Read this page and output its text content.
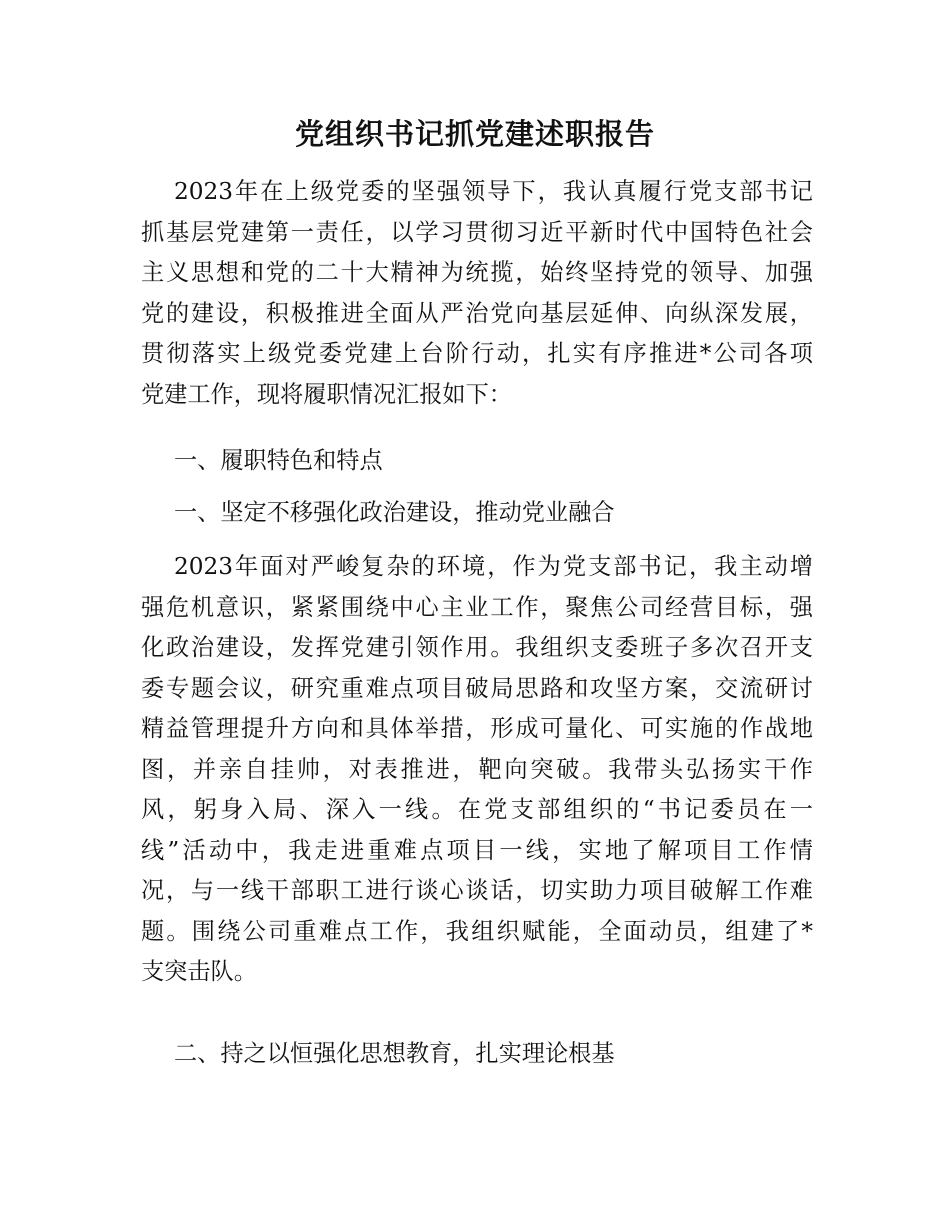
党组织书记抓党建述职报告
2023年在上级党委的坚强领导下，我认真履行党支部书记
抓基层党建第一责任，以学习贯彻习近平新时代中国特色社会
主义思想和党的二十大精神为统揽，始终坚持党的领导、加强
党的建设，积极推进全面从严治党向基层延伸、向纵深发展，
贯彻落实上级党委党建上台阶行动，扎实有序推进*公司各项
党建工作，现将履职情况汇报如下：
一、履职特色和特点
一、坚定不移强化政治建设，推动党业融合
2023年面对严峻复杂的环境，作为党支部书记，我主动增
强危机意识，紧紧围绕中心主业工作，聚焦公司经营目标，强
化政治建设，发挥党建引领作用。我组织支委班子多次召开支
委专题会议，研究重难点项目破局思路和攻坚方案，交流研讨
精益管理提升方向和具体举措，形成可量化、可实施的作战地
图，并亲自挂帅，对表推进，靶向突破。我带头弘扬实干作
风，躬身入局、深入一线。在党支部组织的“书记委员在一
线”活动中，我走进重难点项目一线，实地了解项目工作情
况，与一线干部职工进行谈心谈话，切实助力项目破解工作难
题。围绕公司重难点工作，我组织赋能，全面动员，组建了*
支突击队。
二、持之以恒强化思想教育，扎实理论根基
